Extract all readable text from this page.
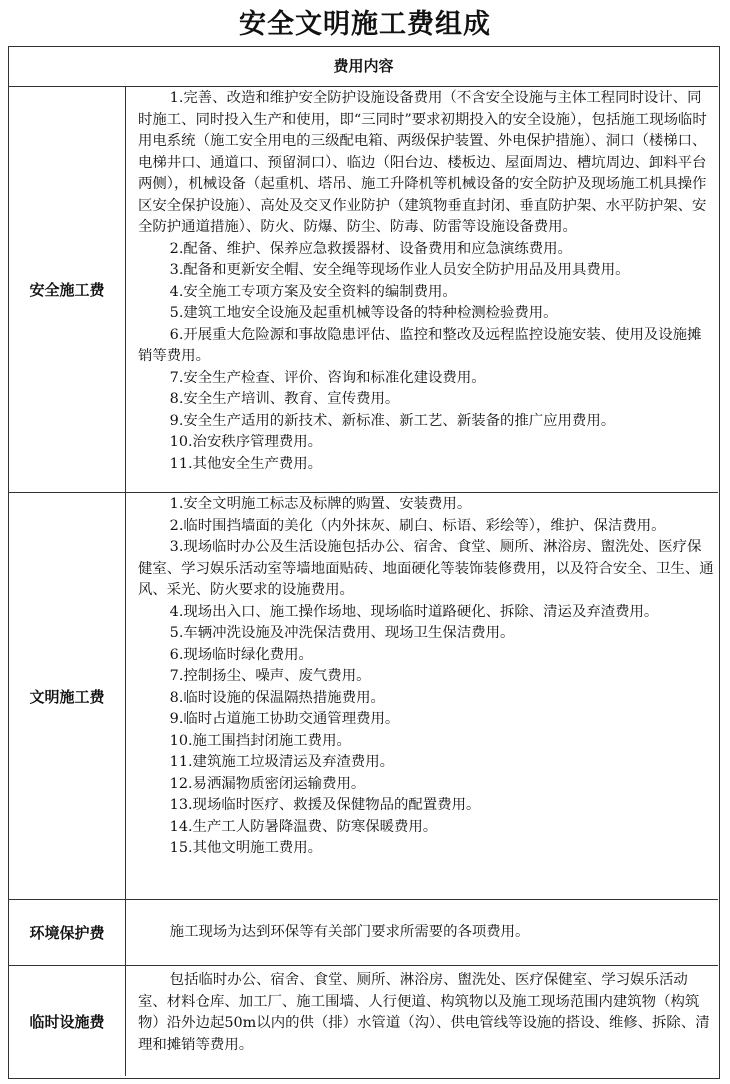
安全文明施工费组成
费用内容
安全施工费

1.完善、改造和维护安全防护设施设备费用（不含安全设施与主体工程同时设计、同时施工、同时投入生产和使用，即“三同时”要求初期投入的安全设施），包括施工现场临时用电系统（施工安全用电的三级配电箱、两级保护装置、外电保护措施）、洞口（楼梯口、电梯井口、通道口、预留洞口）、临边（阳台边、楼板边、屋面周边、槽坑周边、卸料平台两侧），机械设备（起重机、塔吊、施工升降机等机械设备的安全防护及现场施工机具操作区安全保护设施）、高处及交叉作业防护（建筑物垂直封闭、垂直防护架、水平防护架、安全防护通道措施）、防火、防爆、防尘、防毒、防雷等设施设备费用。

2.配备、维护、保养应急救援器材、设备费用和应急演练费用。

3.配备和更新安全帽、安全绳等现场作业人员安全防护用品及用具费用。

4.安全施工专项方案及安全资料的编制费用。

5.建筑工地安全设施及起重机械等设备的特种检测检验费用。

6.开展重大危险源和事故隐患评估、监控和整改及远程监控设施安装、使用及设施摊销等费用。

7.安全生产检查、评价、咨询和标准化建设费用。

8.安全生产培训、教育、宣传费用。

9.安全生产适用的新技术、新标准、新工艺、新装备的推广应用费用。

10.治安秩序管理费用。

11.其他安全生产费用。

文明施工费

1.安全文明施工标志及标牌的购置、安装费用。

2.临时围挡墙面的美化（内外抹灰、刷白、标语、彩绘等），维护、保洁费用。

3.现场临时办公及生活设施包括办公、宿舍、食堂、厕所、淋浴房、盥洗处、医疗保健室、学习娱乐活动室等墙地面贴砖、地面硬化等装饰装修费用，以及符合安全、卫生、通风、采光、防火要求的设施费用。

4.现场出入口、施工操作场地、现场临时道路硬化、拆除、清运及弃渣费用。

5.车辆冲洗设施及冲洗保洁费用、现场卫生保洁费用。

6.现场临时绿化费用。

7.控制扬尘、噪声、废气费用。

8.临时设施的保温隔热措施费用。

9.临时占道施工协助交通管理费用。

10.施工围挡封闭施工费用。

11.建筑施工垃圾清运及弃渣费用。

12.易洒漏物质密闭运输费用。

13.现场临时医疗、救援及保健物品的配置费用。

14.生产工人防暑降温费、防寒保暖费用。

15.其他文明施工费用。

环境保护费	施工现场为达到环保等有关部门要求所需要的各项费用。

临时设施费

包括临时办公、宿舍、食堂、厕所、淋浴房、盥洗处、医疗保健室、学习娱乐活动室、材料仓库、加工厂、施工围墙、人行便道、构筑物以及施工现场范围内建筑物（构筑物）沿外边起50m以内的供（排）水管道（沟）、供电管线等设施的搭设、维修、拆除、清理和摊销等费用。
